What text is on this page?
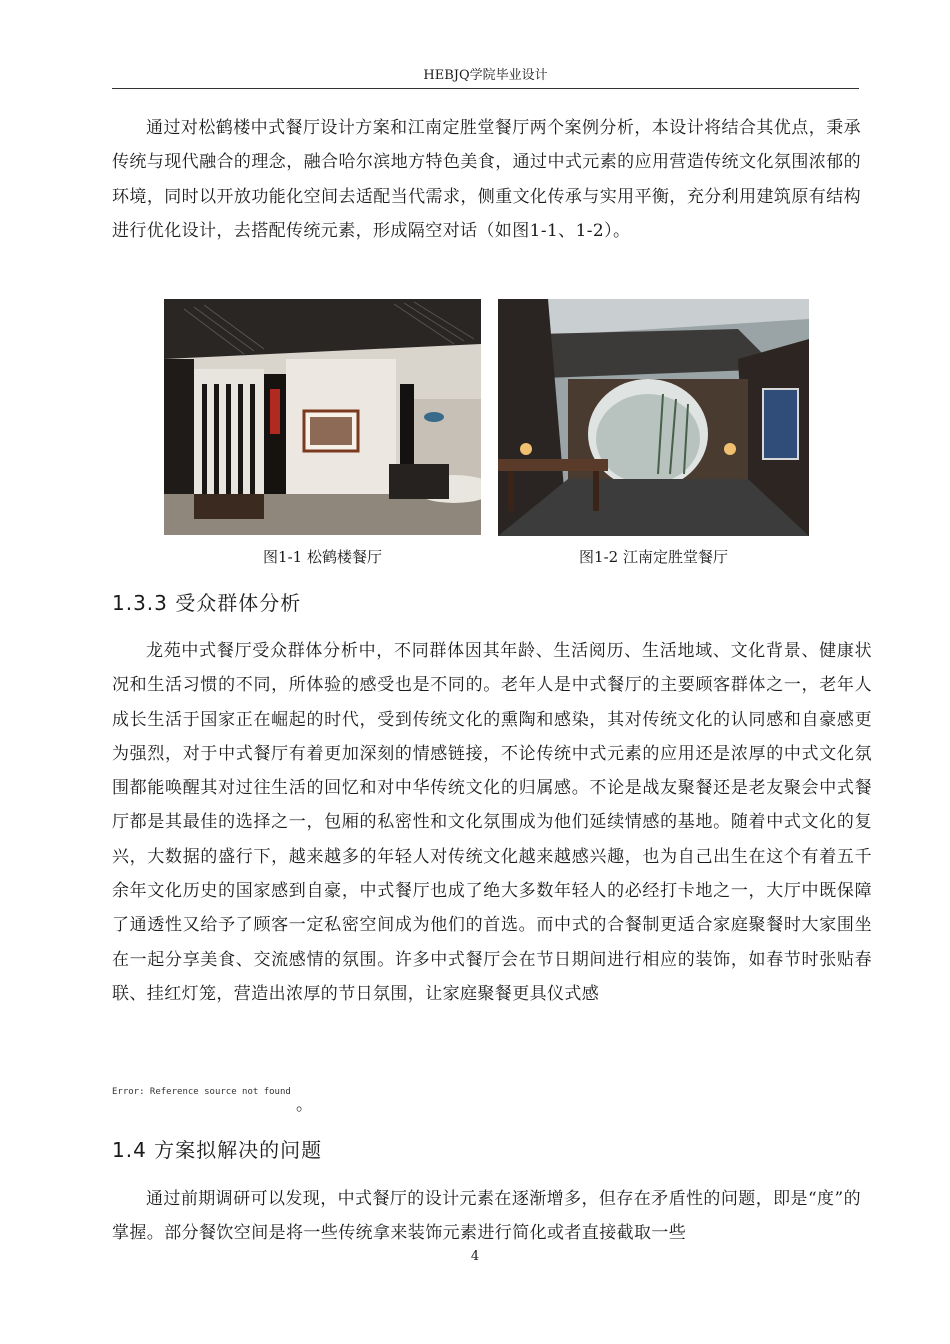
HEBJQ学院毕业设计

通过对松鹤楼中式餐厅设计方案和江南定胜堂餐厅两个案例分析，本设计将结合其优点，秉承传统与现代融合的理念，融合哈尔滨地方特色美食，通过中式元素的应用营造传统文化氛围浓郁的环境，同时以开放功能化空间去适配当代需求，侧重文化传承与实用平衡，充分利用建筑原有结构进行优化设计，去搭配传统元素，形成隔空对话（如图1-1、1-2）。

图1-1 松鹤楼餐厅	图1-2 江南定胜堂餐厅
1.3.3 受众群体分析

龙苑中式餐厅受众群体分析中，不同群体因其年龄、生活阅历、生活地域、文化背景、健康状况和生活习惯的不同，所体验的感受也是不同的。老年人是中式餐厅的主要顾客群体之一，老年人成长生活于国家正在崛起的时代，受到传统文化的熏陶和感染，其对传统文化的认同感和自豪感更为强烈，对于中式餐厅有着更加深刻的情感链接，不论传统中式元素的应用还是浓厚的中式文化氛围都能唤醒其对过往生活的回忆和对中华传统文化的归属感。不论是战友聚餐还是老友聚会中式餐厅都是其最佳的选择之一，包厢的私密性和文化氛围成为他们延续情感的基地。随着中式文化的复兴，大数据的盛行下，越来越多的年轻人对传统文化越来越感兴趣，也为自己出生在这个有着五千余年文化历史的国家感到自豪，中式餐厅也成了绝大多数年轻人的必经打卡地之一，大厅中既保障了通透性又给予了顾客一定私密空间成为他们的首选。而中式的合餐制更适合家庭聚餐时大家围坐在一起分享美食、交流感情的氛围。许多中式餐厅会在节日期间进行相应的装饰，如春节时张贴春联、挂红灯笼，营造出浓厚的节日氛围，让家庭聚餐更具仪式感

Error: Reference source not found
。
1.4 方案拟解决的问题

通过前期调研可以发现，中式餐厅的设计元素在逐渐增多，但存在矛盾性的问题，即是“度”的掌握。部分餐饮空间是将一些传统拿来装饰元素进行简化或者直接截取一些

4
